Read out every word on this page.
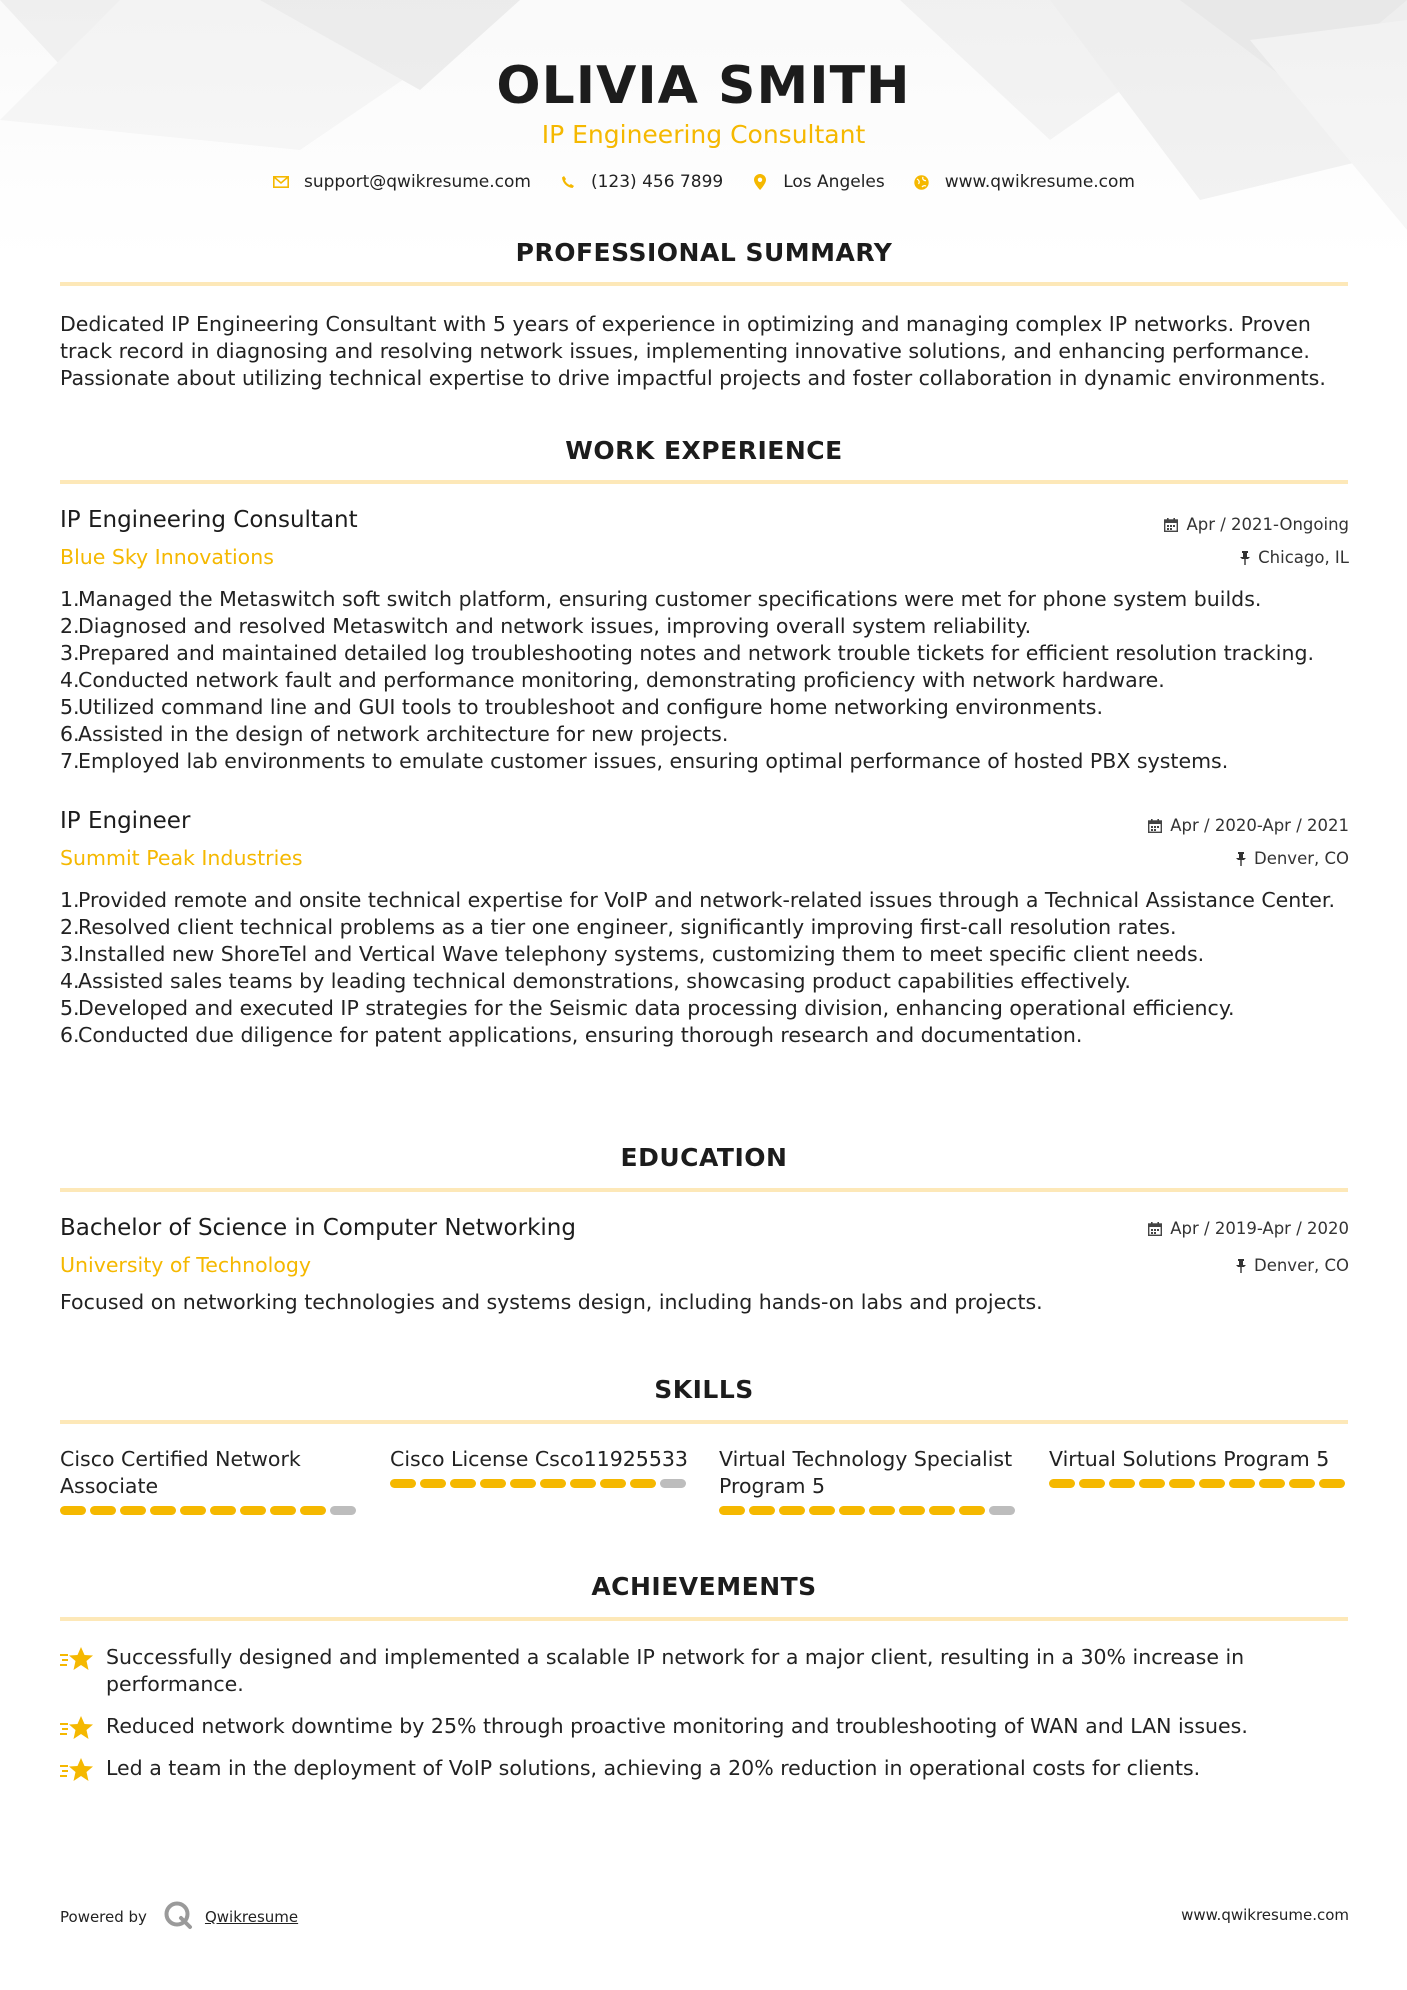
OLIVIA SMITH
IP Engineering Consultant
support@qwikresume.com	(123) 456 7899	Los Angeles	www.qwikresume.com
PROFESSIONAL SUMMARY
Dedicated IP Engineering Consultant with 5 years of experience in optimizing and managing complex IP networks. Proven track record in diagnosing and resolving network issues, implementing innovative solutions, and enhancing performance. Passionate about utilizing technical expertise to drive impactful projects and foster collaboration in dynamic environments.
WORK EXPERIENCE
IP Engineering Consultant	Apr / 2021-Ongoing
Blue Sky Innovations	Chicago, IL
1.
Managed the Metaswitch soft switch platform, ensuring customer specifications were met for phone system builds.
2.
Diagnosed and resolved Metaswitch and network issues, improving overall system reliability.
3.
Prepared and maintained detailed log troubleshooting notes and network trouble tickets for efficient resolution tracking.
4.
Conducted network fault and performance monitoring, demonstrating proficiency with network hardware.
5.
Utilized command line and GUI tools to troubleshoot and configure home networking environments.
6.
Assisted in the design of network architecture for new projects.
7.
Employed lab environments to emulate customer issues, ensuring optimal performance of hosted PBX systems.
IP Engineer	Apr / 2020-Apr / 2021
Summit Peak Industries	Denver, CO
1.
Provided remote and onsite technical expertise for VoIP and network-related issues through a Technical Assistance Center.
2.
Resolved client technical problems as a tier one engineer, significantly improving first-call resolution rates.
3.
Installed new ShoreTel and Vertical Wave telephony systems, customizing them to meet specific client needs.
4.
Assisted sales teams by leading technical demonstrations, showcasing product capabilities effectively.
5.
Developed and executed IP strategies for the Seismic data processing division, enhancing operational efficiency.
6.
Conducted due diligence for patent applications, ensuring thorough research and documentation.
EDUCATION
Bachelor of Science in Computer Networking	Apr / 2019-Apr / 2020
University of Technology	Denver, CO
Focused on networking technologies and systems design, including hands-on labs and projects.
SKILLS
Cisco Certified Network Associate
Cisco License Csco11925533 Virtual Technology Specialist Program 5
Virtual Solutions Program 5
ACHIEVEMENTS
Successfully designed and implemented a scalable IP network for a major client, resulting in a 30% increase in performance.
Reduced network downtime by 25% through proactive monitoring and troubleshooting of WAN and LAN issues.
Led a team in the deployment of VoIP solutions, achieving a 20% reduction in operational costs for clients.
Powered by	Qwikresume	www.qwikresume.com
